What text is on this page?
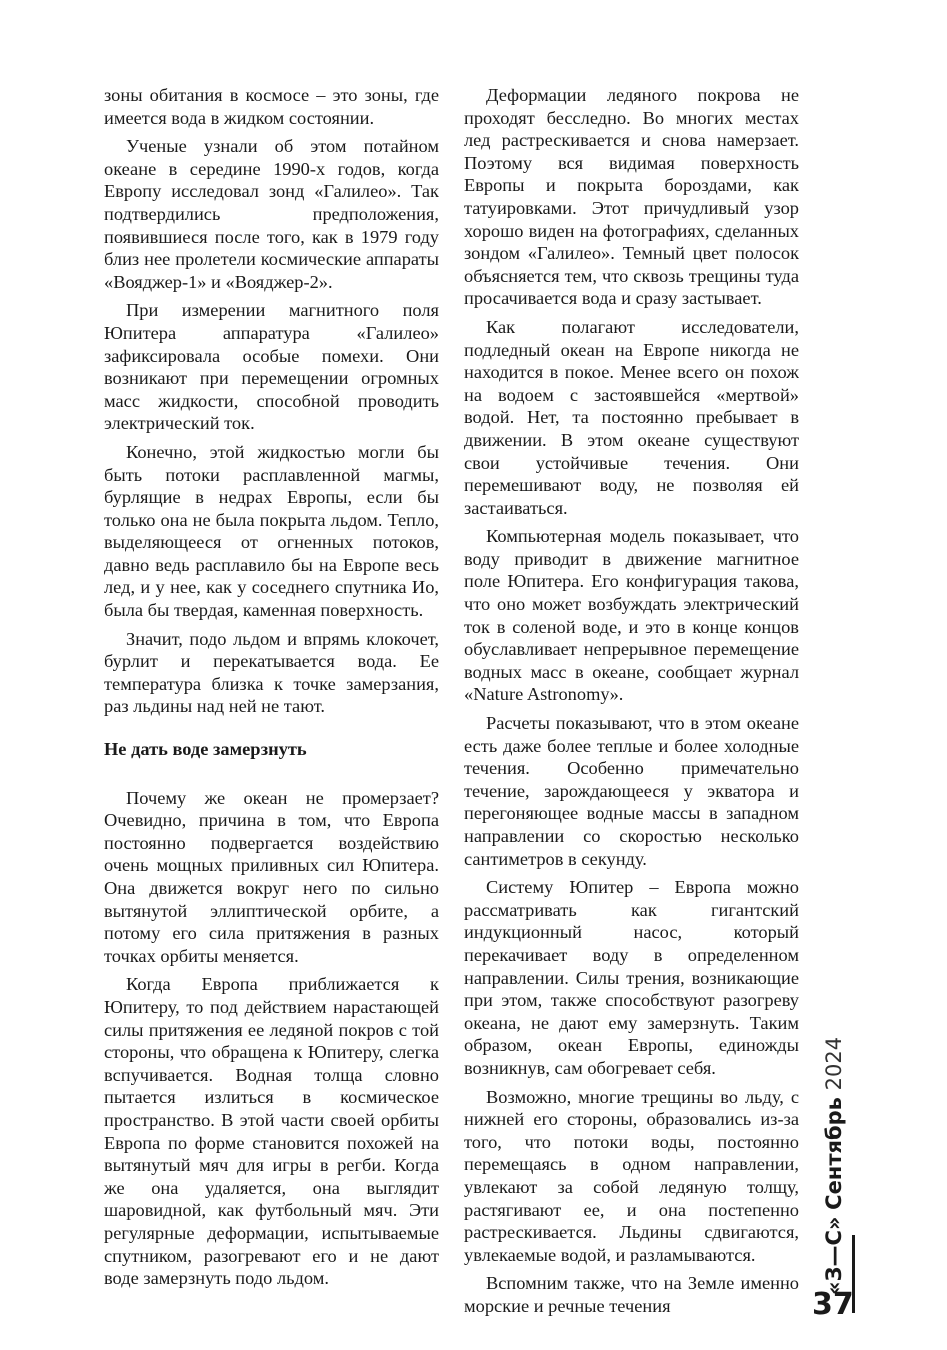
зоны обитания в космосе – это зоны, где имеется вода в жидком состоянии.

Ученые узнали об этом потайном океане в середине 1990-х годов, когда Европу исследовал зонд «Галилео». Так подтвердились предположения, появившиеся после того, как в 1979 году близ нее пролетели космические аппараты «Вояджер-1» и «Вояджер-2».

При измерении магнитного поля Юпитера аппаратура «Галилео» зафиксировала особые помехи. Они возникают при перемещении огромных масс жидкости, способной проводить электрический ток.

Конечно, этой жидкостью могли бы быть потоки расплавленной магмы, бурлящие в недрах Европы, если бы только она не была покрыта льдом. Тепло, выделяющееся от огненных потоков, давно ведь расплавило бы на Европе весь лед, и у нее, как у соседнего спутника Ио, была бы твердая, каменная поверхность.

Значит, подо льдом и впрямь клокочет, бурлит и перекатывается вода. Ее температура близка к точке замерзания, раз льдины над ней не тают.

Не дать воде замерзнуть

Почему же океан не промерзает? Очевидно, причина в том, что Европа постоянно подвергается воздействию очень мощных приливных сил Юпитера. Она движется вокруг него по сильно вытянутой эллиптической орбите, а потому его сила притяжения в разных точках орбиты меняется.

Когда Европа приближается к Юпитеру, то под действием нарастающей силы притяжения ее ледяной покров с той стороны, что обращена к Юпитеру, слегка вспучивается. Водная толща словно пытается излиться в космическое пространство. В этой части своей орбиты Европа по форме становится похожей на вытянутый мяч для игры в регби. Когда же она удаляется, она выглядит шаровидной, как футбольный мяч. Эти регулярные деформации, испытываемые спутником, разогревают его и не дают воде замерзнуть подо льдом.

Деформации ледяного покрова не проходят бесследно. Во многих местах лед растрескивается и снова намерзает. Поэтому вся видимая поверхность Европы и покрыта бороздами, как татуировками. Этот причудливый узор хорошо виден на фотографиях, сделанных зондом «Галилео». Темный цвет полосок объясняется тем, что сквозь трещины туда просачивается вода и сразу застывает.

Как полагают исследователи, подледный океан на Европе никогда не находится в покое. Менее всего он похож на водоем с застоявшейся «мертвой» водой. Нет, та постоянно пребывает в движении. В этом океане существуют свои устойчивые течения. Они перемешивают воду, не позволяя ей застаиваться.

Компьютерная модель показывает, что воду приводит в движение магнитное поле Юпитера. Его конфигурация такова, что оно может возбуждать электрический ток в соленой воде, и это в конце концов обуславливает непрерывное перемещение водных масс в океане, сообщает журнал «Nature Astronomy».

Расчеты показывают, что в этом океане есть даже более теплые и более холодные течения. Особенно примечательно течение, зарождающееся у экватора и перегоняющее водные массы в западном направлении со скоростью несколько сантиметров в секунду.

Систему Юпитер – Европа можно рассматривать как гигантский индукционный насос, который перекачивает воду в определенном направлении. Силы трения, возникающие при этом, также способствуют разогреву океана, не дают ему замерзнуть. Таким образом, океан Европы, единожды возникнув, сам обогревает себя.

Возможно, многие трещины во льду, с нижней его стороны, образовались из-за того, что потоки воды, постоянно перемещаясь в одном направлении, увлекают за собой ледяную толщу, растягивают ее, и она постепенно растрескивается. Льдины сдвигаются, увлекаемые водой, и разламываются.

Вспомним также, что на Земле именно морские и речные течения

«З—С» Сентябрь 2024
37
